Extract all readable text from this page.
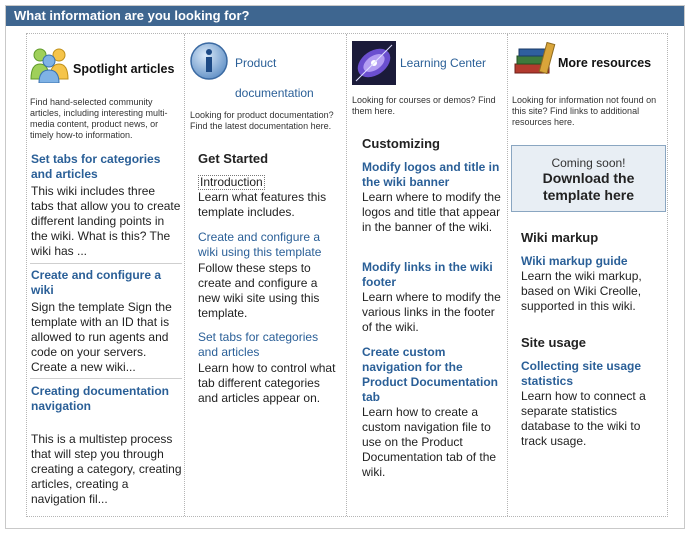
What information are you looking for?
Spotlight articles
Find hand-selected community articles, including interesting multi-media content, product news, or timely how-to information.
Set tabs for categories and articles
This wiki includes three tabs that allow you to create different landing points in the wiki. What is this? The wiki has ...
Create and configure a wiki
Sign the template Sign the template with an ID that is allowed to run agents and code on your servers. Create a new wiki...
Creating documentation navigation
This is a multistep process that will step you through creating a category, creating articles, creating a navigation fil...
Product documentation
Looking for product documentation? Find the latest documentation here.
Get Started
Introduction
Learn what features this template includes.
Create and configure a wiki using this template
Follow these steps to create and configure a new wiki site using this template.
Set tabs for categories and articles
Learn how to control what tab different categories and articles appear on.
Learning Center
Looking for courses or demos? Find them here.
Customizing
Modify logos and title in the wiki banner
Learn where to modify the logos and title that appear in the banner of the wiki.
Modify links in the wiki footer
Learn where to modify the various links in the footer of the wiki.
Create custom navigation for the Product Documentation tab
Learn how to create a custom navigation file to use on the Product Documentation tab of the wiki.
More resources
Looking for information not found on this site? Find links to additional resources here.
Coming soon!
Download the template here
Wiki markup
Wiki markup guide
Learn the wiki markup, based on Wiki Creolle, supported in this wiki.
Site usage
Collecting site usage statistics
Learn how to connect a separate statistics database to the wiki to track usage.
